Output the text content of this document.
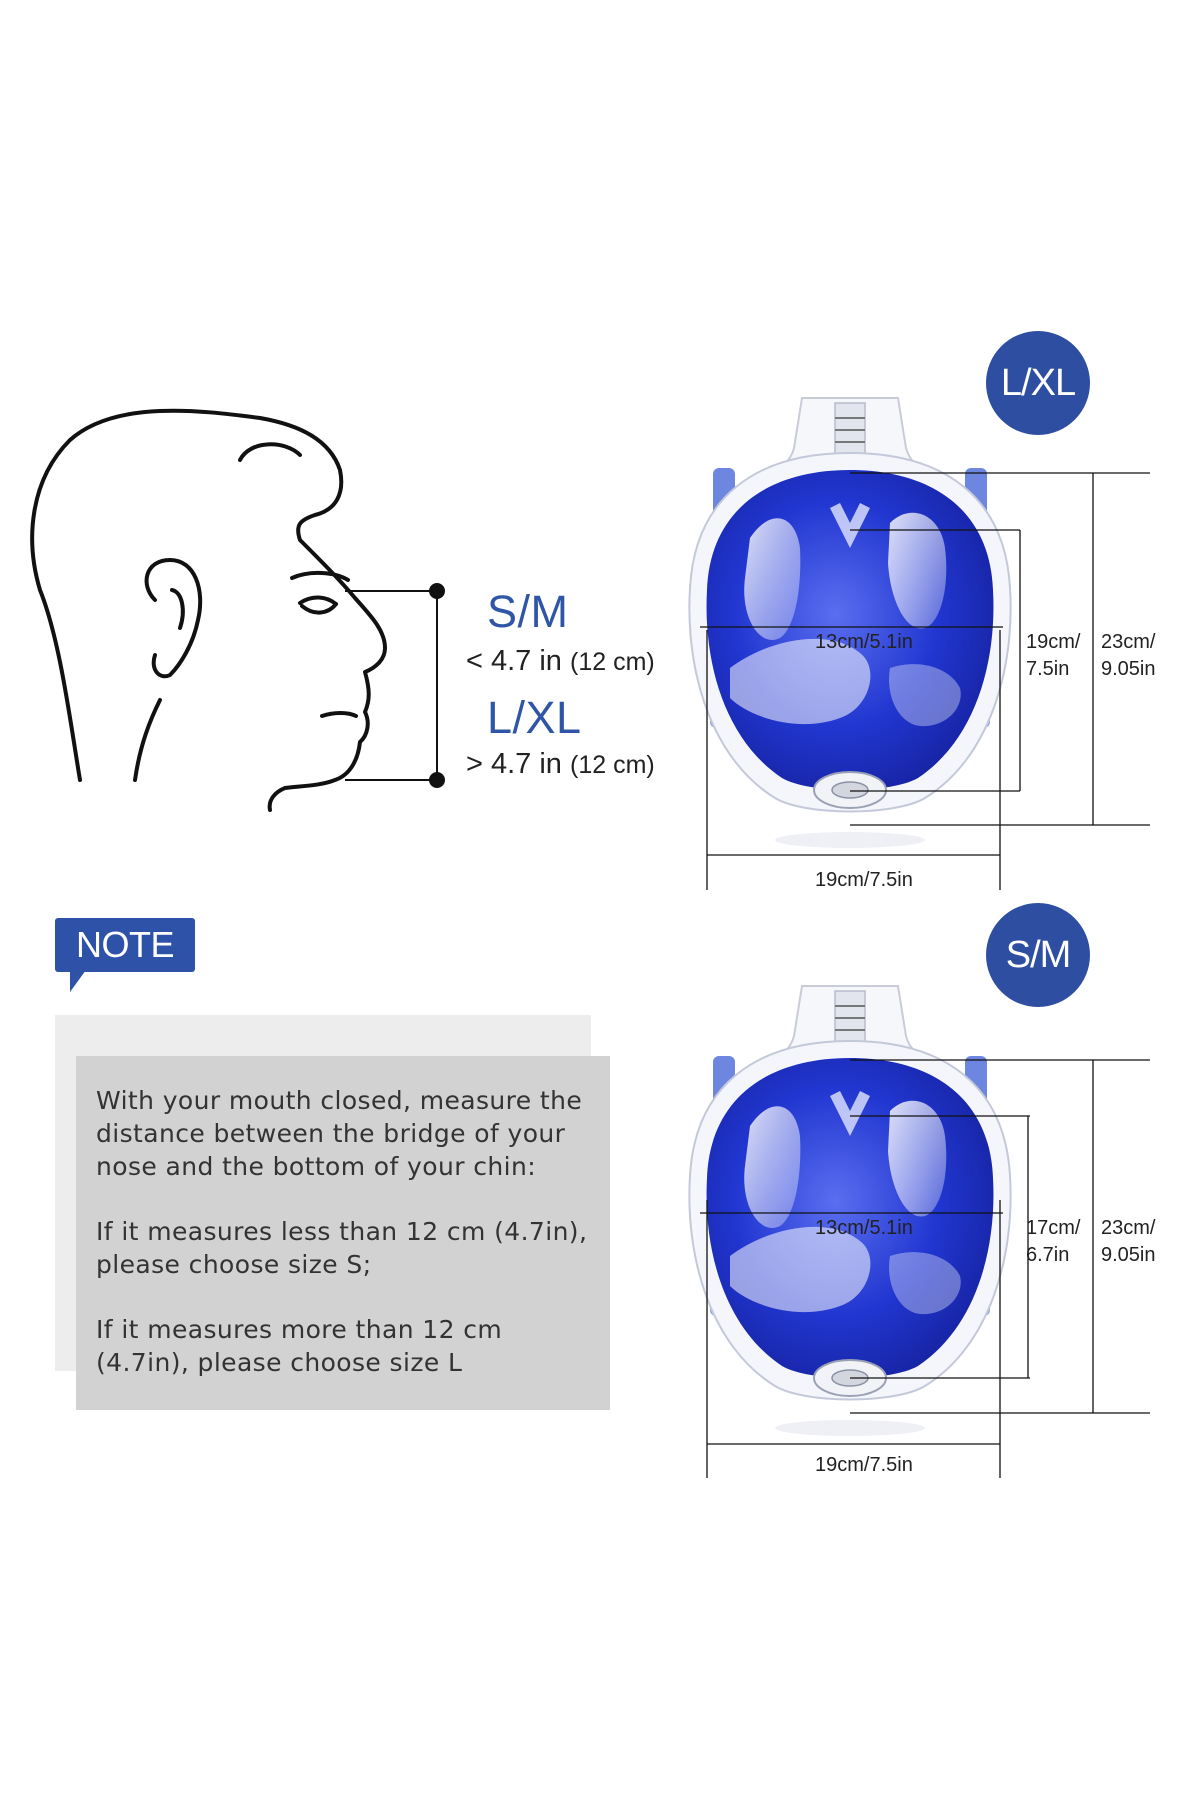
S/M
< 4.7 in (12 cm)
L/XL
> 4.7 in (12 cm)
NOTE

With your mouth closed, measure the distance between the bridge of your nose and the bottom of your chin:

If it measures less than 12 cm (4.7in), please choose size S;

If it measures more than 12 cm (4.7in), please choose size L

L/XL
S/M
13cm/5.1in	19cm/
7.5in
23cm/
9.05in
19cm/7.5in
13cm/5.1in	17cm/
6.7in
23cm/
9.05in
19cm/7.5in
